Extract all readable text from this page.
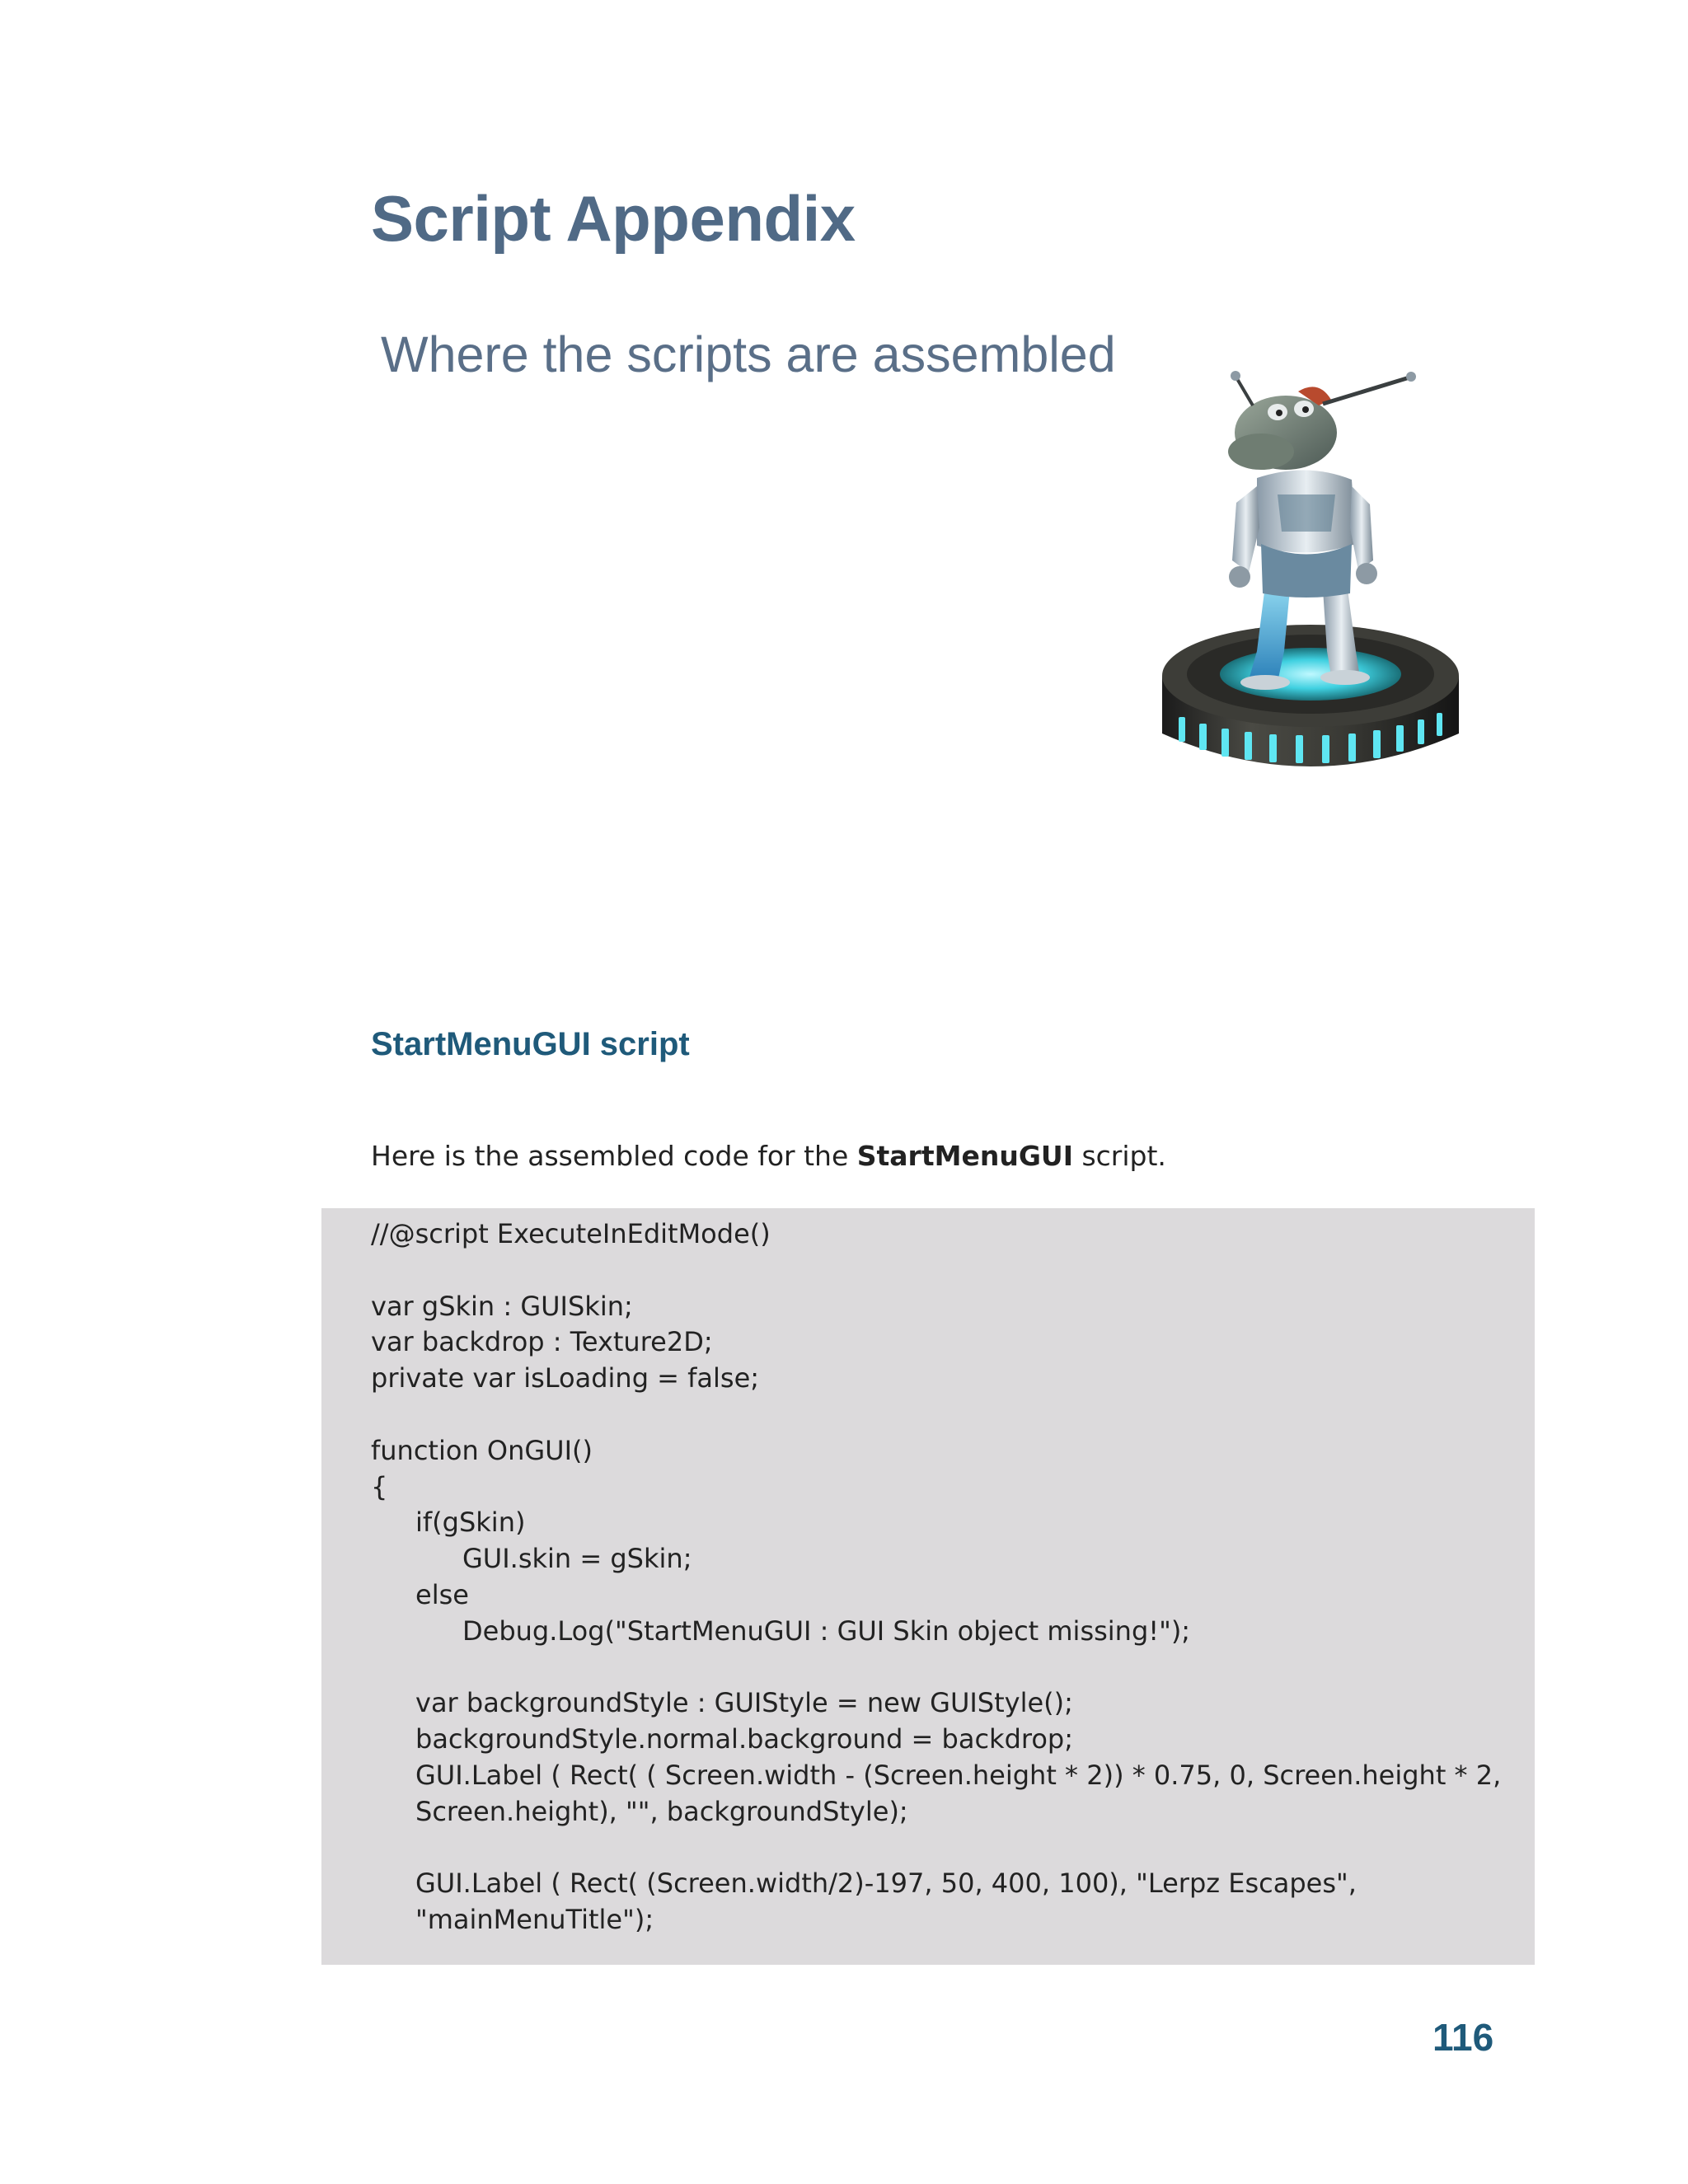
Script Appendix
Where the scripts are assembled
StartMenuGUI script

Here is the assembled code for the StartMenuGUI script.

//@script ExecuteInEditMode()
var gSkin : GUISkin;
var backdrop : Texture2D;
private var isLoading = false;
function OnGUI()
{
if(gSkin)
GUI.skin = gSkin;
else
Debug.Log("StartMenuGUI : GUI Skin object missing!");
var backgroundStyle : GUIStyle = new GUIStyle();
backgroundStyle.normal.background = backdrop;
GUI.Label ( Rect( ( Screen.width - (Screen.height * 2)) * 0.75, 0, Screen.height * 2,
Screen.height), "", backgroundStyle);
GUI.Label ( Rect( (Screen.width/2)-197, 50, 400, 100), "Lerpz Escapes",
"mainMenuTitle");
116
